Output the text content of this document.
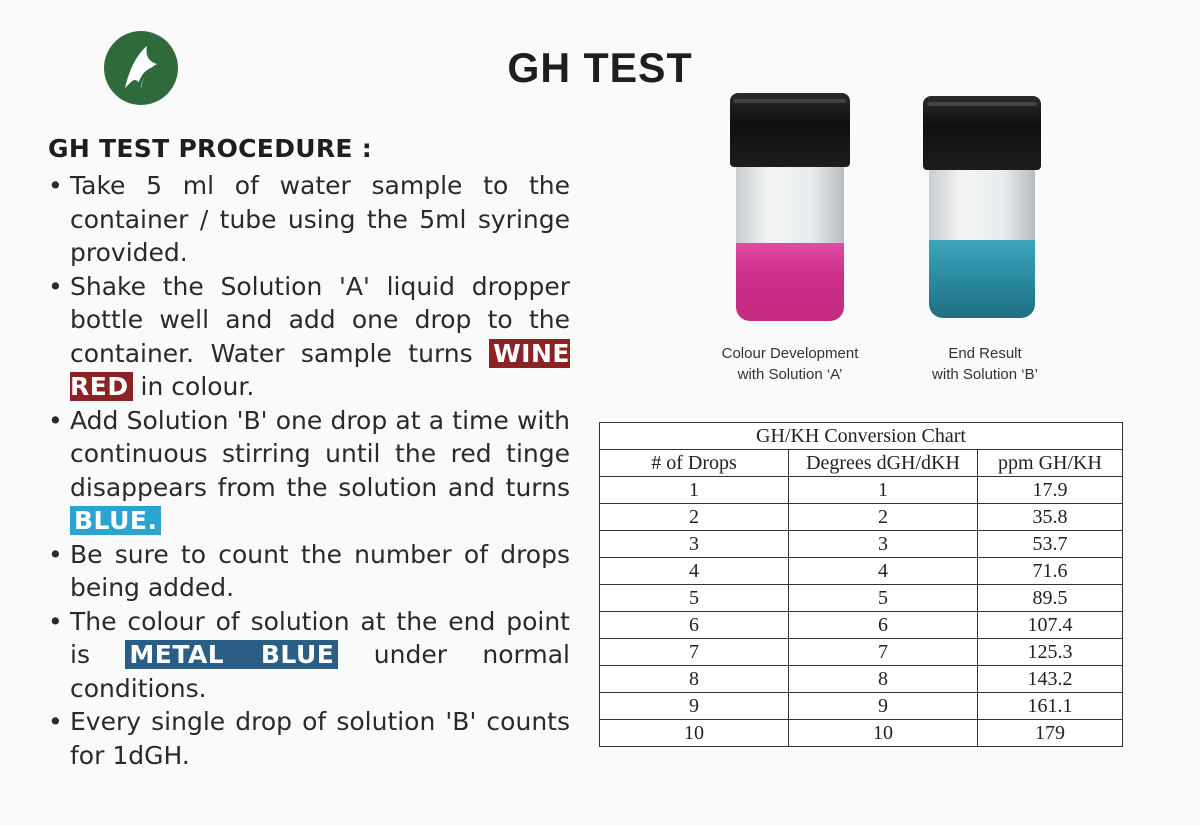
GH TEST
GH TEST PROCEDURE :
• Take 5 ml of water sample to the container / tube using the 5ml syringe provided.
• Shake the Solution 'A' liquid dropper bottle well and add one drop to the container. Water sample turns WINE RED in colour.
• Add Solution 'B' one drop at a time with continuous stirring until the red tinge disappears from the solution and turns BLUE.
• Be sure to count the number of drops being added.
• The colour of solution at the end point is METAL BLUE under normal conditions.
• Every single drop of solution 'B' counts for 1dGH.
Colour Development
with Solution ‘A’
End Result
with Solution ‘B’
GH/KH Conversion Chart		
# of Drops	Degrees dGH/dKH	ppm GH/KH
1	1	17.9
2	2	35.8
3	3	53.7
4	4	71.6
5	5	89.5
6	6	107.4
7	7	125.3
8	8	143.2
9	9	161.1
10	10	179
